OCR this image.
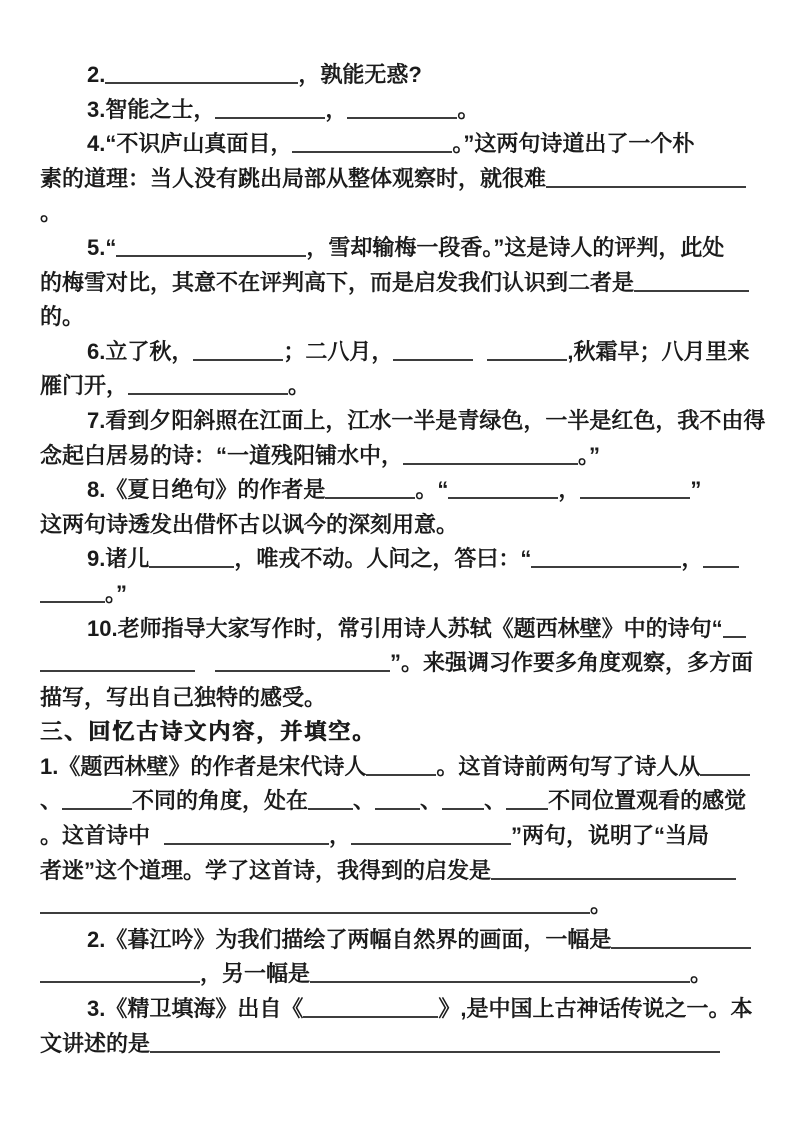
2.	，孰能无惑?
3.智能之士，	，	。
4.“不识庐山真面目，	。”这两句诗道出了一个朴
素的道理：当人没有跳出局部从整体观察时，就很难
。
5.“	，雪却输梅一段香。”这是诗人的评判，此处
的梅雪对比，其意不在评判高下，而是启发我们认识到二者是
的。
6.立了秋，	；二八月，	,秋霜早；八月里来
雁门开，	。
7.看到夕阳斜照在江面上，江水一半是青绿色，一半是红色，我不由得
念起白居易的诗：“一道残阳铺水中，	。”
8.《夏日绝句》的作者是	。“	，	”
这两句诗透发出借怀古以讽今的深刻用意。
9.诸儿	，唯戎不动。人问之，答曰：“	，
。”
10.老师指导大家写作时，常引用诗人苏轼《题西林壁》中的诗句“
”。来强调习作要多角度观察，多方面
描写，写出自己独特的感受。
三、回忆古诗文内容，并填空。
1.《题西林壁》的作者是宋代诗人	。这首诗前两句写了诗人从
、	不同的角度，处在 、 、 、 不同位置观看的感觉
。这首诗中	，	”两句，说明了“当局
者迷”这个道理。学了这首诗，我得到的启发是
。
2.《暮江吟》为我们描绘了两幅自然界的画面，一幅是
，另一幅是	。
3.《精卫填海》出自《	》,是中国上古神话传说之一。本
文讲述的是
